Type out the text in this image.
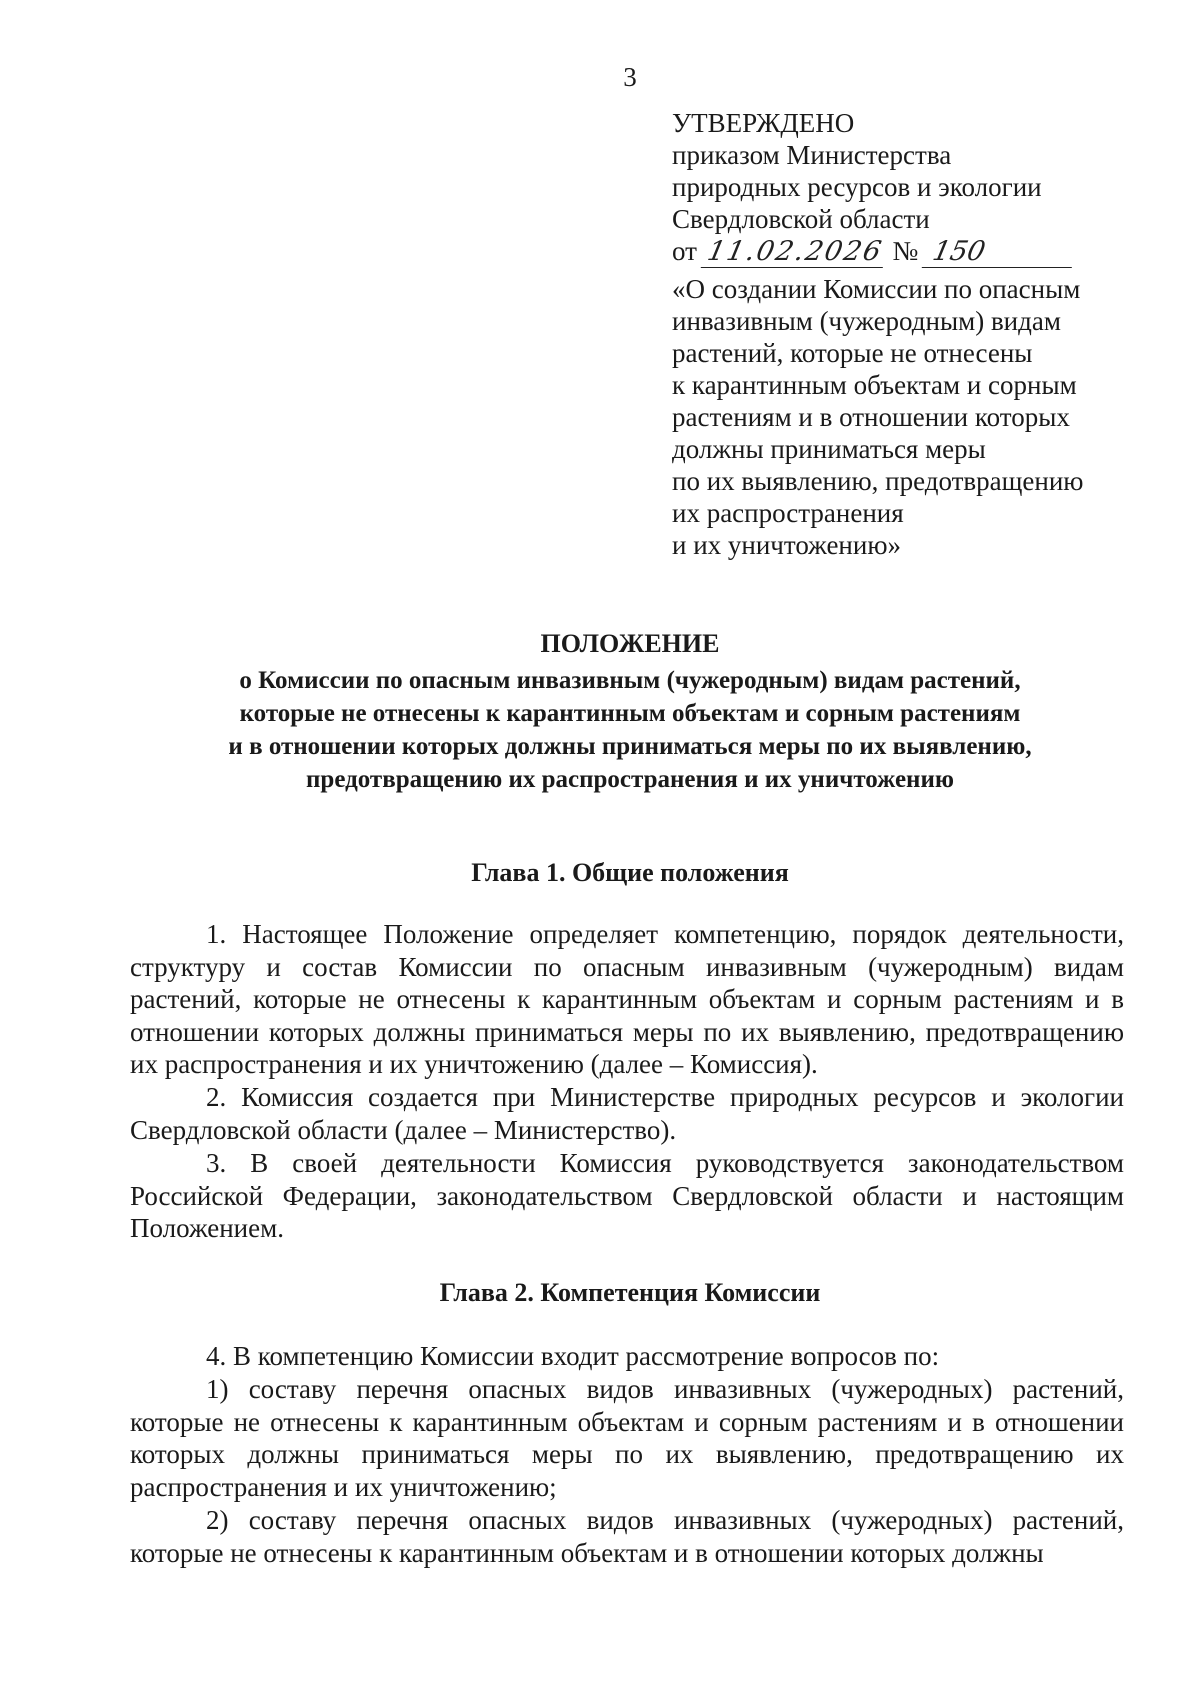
3
УТВЕРЖДЕНО
приказом Министерства
природных ресурсов и экологии
Свердловской области
от 11.02.2026 № 150
«О создании Комиссии по опасным
инвазивным (чужеродным) видам
растений, которые не отнесены
к карантинным объектам и сорным
растениям и в отношении которых
должны приниматься меры
по их выявлению, предотвращению
их распространения
и их уничтожению»
ПОЛОЖЕНИЕ
о Комиссии по опасным инвазивным (чужеродным) видам растений,
которые не отнесены к карантинным объектам и сорным растениям
и в отношении которых должны приниматься меры по их выявлению,
предотвращению их распространения и их уничтожению
Глава 1. Общие положения
1. Настоящее Положение определяет компетенцию, порядок деятельности, структуру и состав Комиссии по опасным инвазивным (чужеродным) видам растений, которые не отнесены к карантинным объектам и сорным растениям и в отношении которых должны приниматься меры по их выявлению, предотвращению их распространения и их уничтожению (далее – Комиссия).
2. Комиссия создается при Министерстве природных ресурсов и экологии Свердловской области (далее – Министерство).
3. В своей деятельности Комиссия руководствуется законодательством Российской Федерации, законодательством Свердловской области и настоящим Положением.
Глава 2. Компетенция Комиссии
4. В компетенцию Комиссии входит рассмотрение вопросов по:
1) составу перечня опасных видов инвазивных (чужеродных) растений, которые не отнесены к карантинным объектам и сорным растениям и в отношении которых должны приниматься меры по их выявлению, предотвращению их распространения и их уничтожению;
2) составу перечня опасных видов инвазивных (чужеродных) растений, которые не отнесены к карантинным объектам и в отношении которых должны
